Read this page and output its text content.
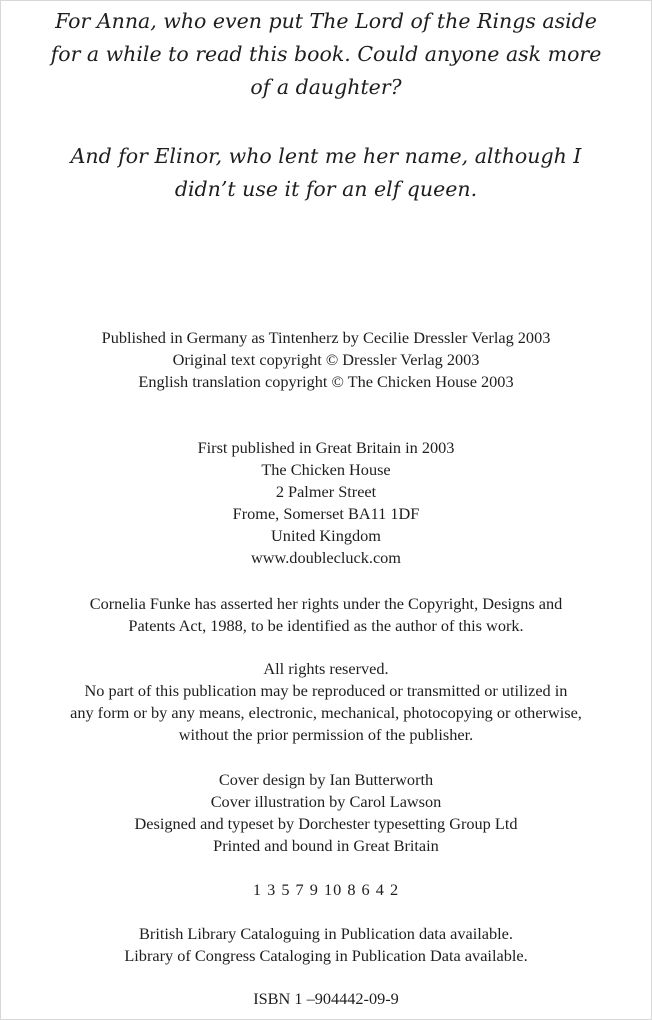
For Anna, who even put The Lord of the Rings aside
for a while to read this book. Could anyone ask more
of a daughter?

And for Elinor, who lent me her name, although I
didn’t use it for an elf queen.

Published in Germany as Tintenherz by Cecilie Dressler Verlag 2003
Original text copyright © Dressler Verlag 2003
English translation copyright © The Chicken House 2003

First published in Great Britain in 2003
The Chicken House
2 Palmer Street
Frome, Somerset BA11 1DF
United Kingdom
www.doublecluck.com

Cornelia Funke has asserted her rights under the Copyright, Designs and
Patents Act, 1988, to be identified as the author of this work.

All rights reserved.
No part of this publication may be reproduced or transmitted or utilized in
any form or by any means, electronic, mechanical, photocopying or otherwise,
without the prior permission of the publisher.

Cover design by Ian Butterworth
Cover illustration by Carol Lawson
Designed and typeset by Dorchester typesetting Group Ltd
Printed and bound in Great Britain

1 3 5 7 9 10 8 6 4 2

British Library Cataloguing in Publication data available.
Library of Congress Cataloging in Publication Data available.

ISBN 1 –904442-09-9
